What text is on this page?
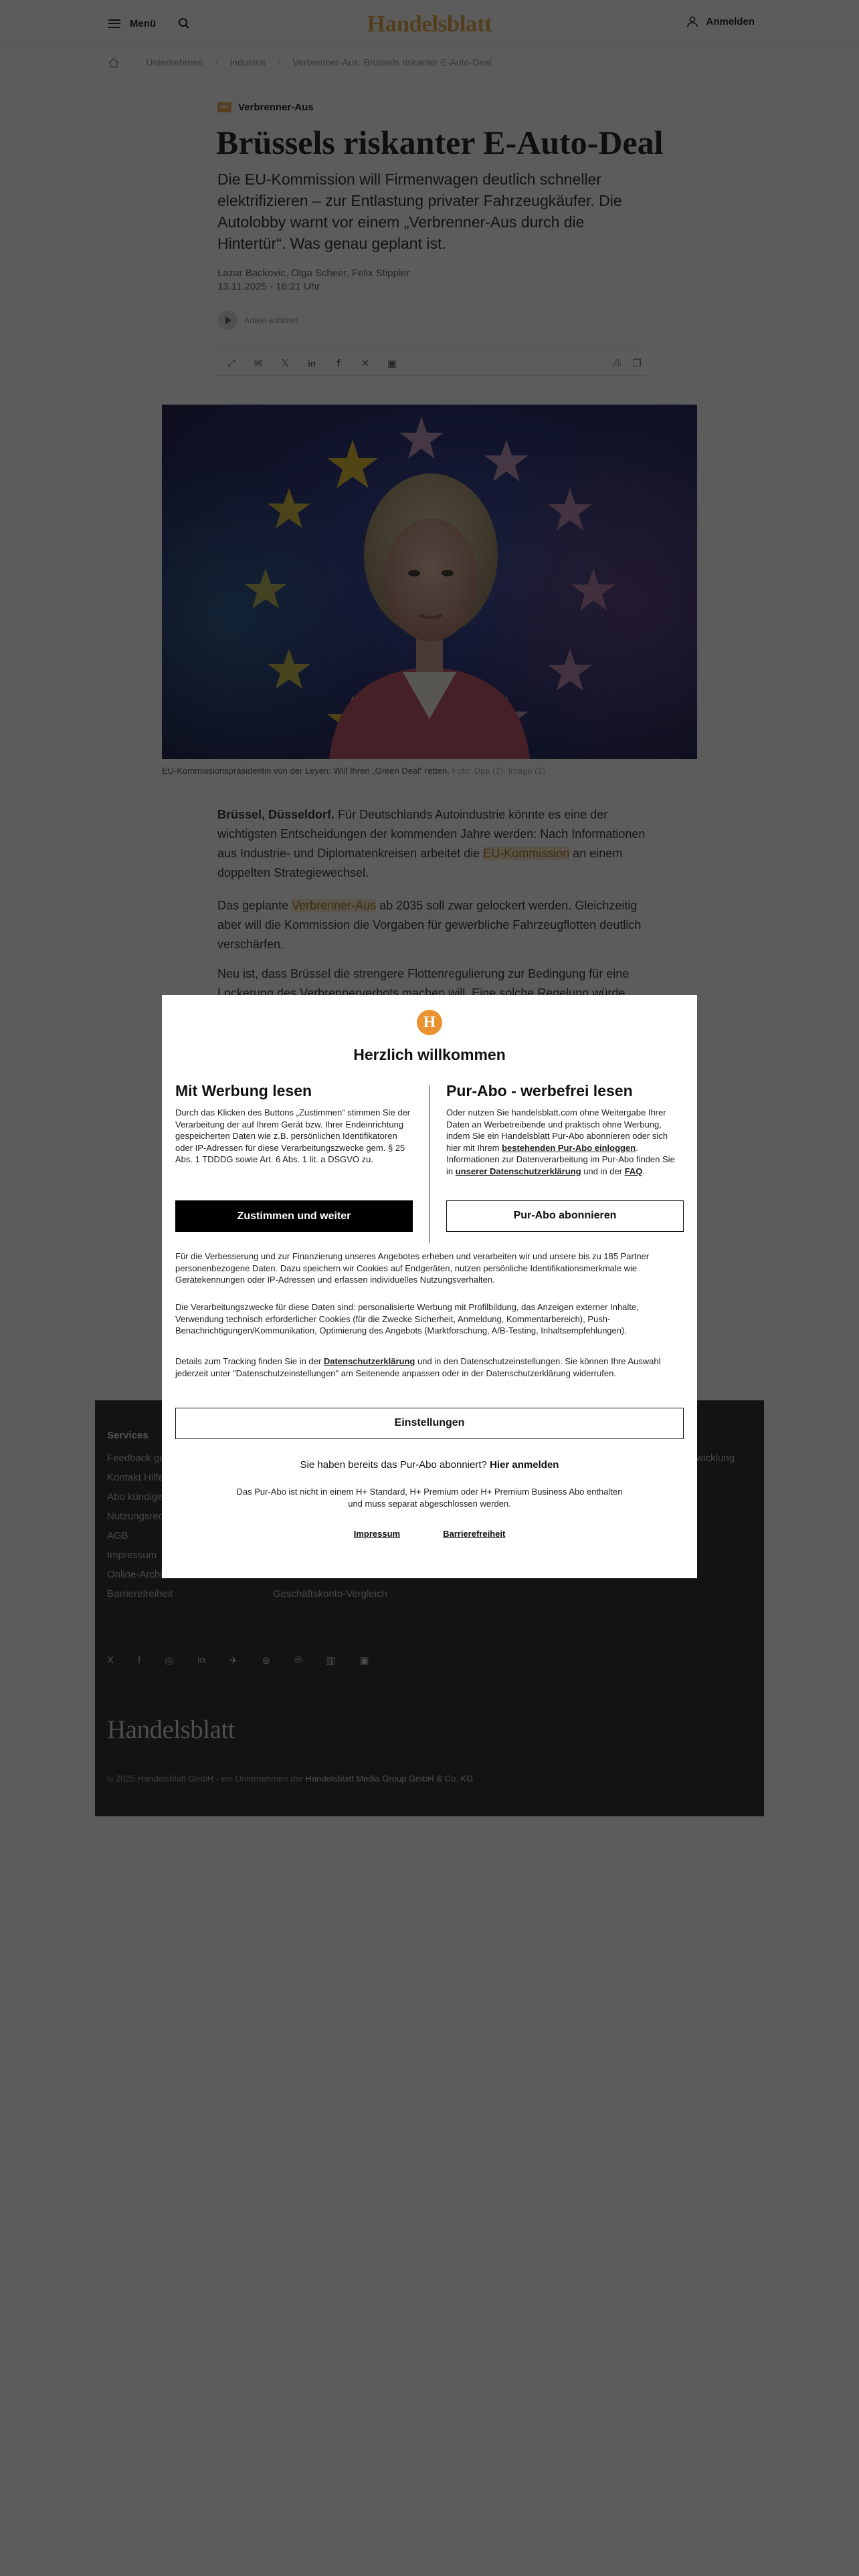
H
Herzlich willkommen
Mit Werbung lesen

Durch das Klicken des Buttons „Zustimmen“ stimmen Sie der Verarbeitung der auf Ihrem Gerät bzw. Ihrer Endeinrichtung gespeicherten Daten wie z.B. persönlichen Identifikatoren oder IP-Adressen für diese Verarbeitungszwecke gem. § 25 Abs. 1 TDDDG sowie Art. 6 Abs. 1 lit. a DSGVO zu.

Pur-Abo - werbefrei lesen

Oder nutzen Sie handelsblatt.com ohne Weitergabe Ihrer Daten an Werbetreibende und praktisch ohne Werbung, indem Sie ein Handelsblatt Pur-Abo abonnieren oder sich hier mit Ihrem bestehenden Pur-Abo einloggen. Informationen zur Datenverarbeitung im Pur-Abo finden Sie in unserer Datenschutzerklärung und in der FAQ.

Zustimmen und weiter	Pur-Abo abonnieren

Für die Verbesserung und zur Finanzierung unseres Angebotes erheben und verarbeiten wir und unsere bis zu 185 Partner personenbezogene Daten. Dazu speichern wir Cookies auf Endgeräten, nutzen persönliche Identifikationsmerkmale wie Gerätekennungen oder IP-Adressen und erfassen individuelles Nutzungsverhalten.

Die Verarbeitungszwecke für diese Daten sind: personalisierte Werbung mit Profilbildung, das Anzeigen externer Inhalte, Verwendung technisch erforderlicher Cookies (für die Zwecke Sicherheit, Anmeldung, Kommentarbereich), Push-Benachrichtigungen/Kommunikation, Optimierung des Angebots (Marktforschung, A/B-Testing, Inhaltsempfehlungen).

Details zum Tracking finden Sie in der Datenschutzerklärung und in den Datenschutzeinstellungen. Sie können Ihre Auswahl jederzeit unter "Datenschutzeinstellungen" am Seitenende anpassen oder in der Datenschutzerklärung widerrufen.

Einstellungen
Sie haben bereits das Pur-Abo abonniert? Hier anmelden
Das Pur-Abo ist nicht in einem H+ Standard, H+ Premium oder H+ Premium Business Abo enthalten
und muss separat abgeschlossen werden.
Impressum	Barrierefreiheit
